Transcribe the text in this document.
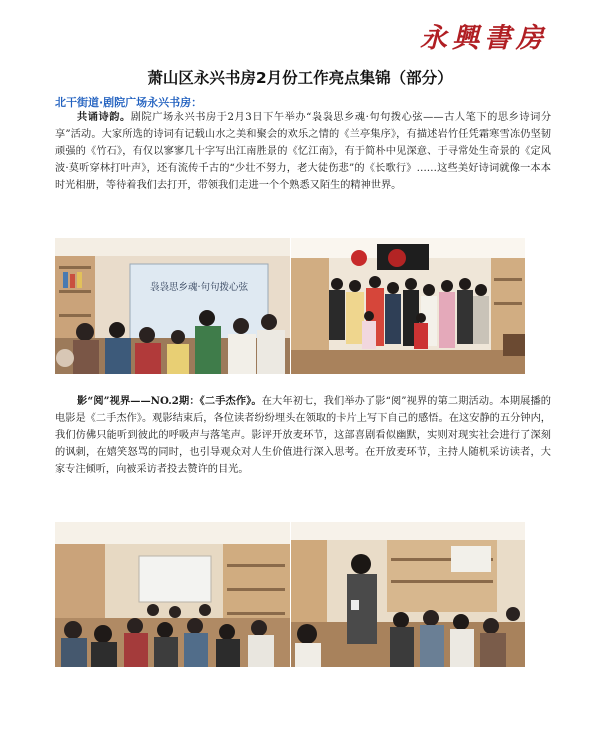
永興書房
萧山区永兴书房2月份工作亮点集锦（部分）
北干街道·剧院广场永兴书房：

共诵诗韵。剧院广场永兴书房于2月3日下午举办“袅袅思乡魂·句句拨心弦——古人笔下的思乡诗词分享”活动。大家所选的诗词有记载山水之美和聚会的欢乐之情的《兰亭集序》，有描述岩竹任凭霜寒雪冻仍坚韧顽强的《竹石》，有仅以寥寥几十字写出江南胜景的《忆江南》，有于简朴中见深意、于寻常处生奇景的《定风波·莫听穿林打叶声》，还有流传千古的“少壮不努力，老大徒伤悲”的《长歌行》……这些美好诗词就像一本本时光相册，等待着我们去打开，带领我们走进一个个熟悉又陌生的精神世界。

袅袅思乡魂·句句拨心弦

影“阅”视界——NO.2期：《二手杰作》。在大年初七，我们举办了影“阅”视界的第二期活动。本期展播的电影是《二手杰作》。观影结束后，各位读者纷纷埋头在领取的卡片上写下自己的感悟。在这安静的五分钟内，我们仿佛只能听到彼此的呼吸声与落笔声。影评开放麦环节，这部喜剧看似幽默，实则对现实社会进行了深刻的讽刺，在嬉笑怒骂的同时，也引导观众对人生价值进行深入思考。在开放麦环节，主持人随机采访读者，大家专注倾听，向被采访者投去赞许的目光。
